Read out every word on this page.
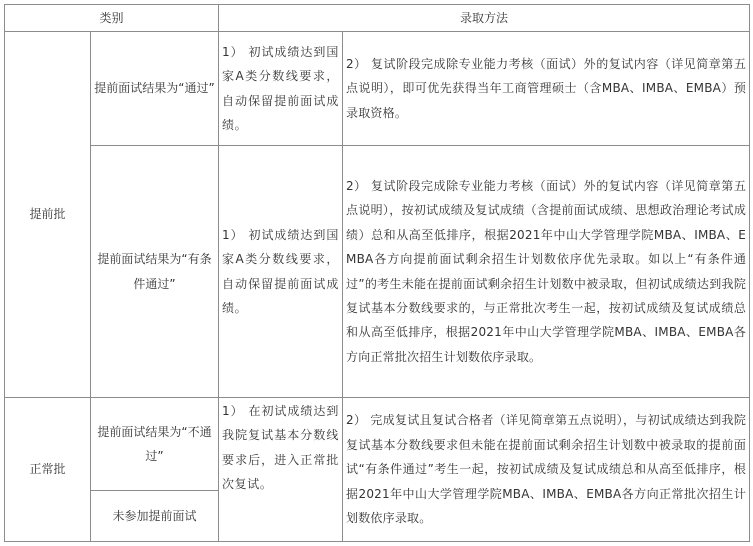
类别		录取方法	
提前批	提前面试结果为“通过”	1） 初试成绩达到国家A类分数线要求，自动保留提前面试成绩。	2） 复试阶段完成除专业能力考核（面试）外的复试内容（详见简章第五点说明），即可优先获得当年工商管理硕士（含MBA、IMBA、EMBA）预录取资格。
	提前面试结果为“有条件通过”	1） 初试成绩达到国家A类分数线要求，自动保留提前面试成绩。	2） 复试阶段完成除专业能力考核（面试）外的复试内容（详见简章第五点说明），按初试成绩及复试成绩（含提前面试成绩、思想政治理论考试成绩）总和从高至低排序，根据2021年中山大学管理学院MBA、IMBA、EMBA各方向提前面试剩余招生计划数依序优先录取。如以上“有条件通过”的考生未能在提前面试剩余招生计划数中被录取，但初试成绩达到我院复试基本分数线要求的，与正常批次考生一起，按初试成绩及复试成绩总和从高至低排序，根据2021年中山大学管理学院MBA、IMBA、EMBA各方向正常批次招生计划数依序录取。
正常批	提前面试结果为“不通过”	1） 在初试成绩达到我院复试基本分数线要求后，进入正常批次复试。	2） 完成复试且复试合格者（详见简章第五点说明），与初试成绩达到我院复试基本分数线要求但未能在提前面试剩余招生计划数中被录取的提前面试“有条件通过”考生一起，按初试成绩及复试成绩总和从高至低排序，根据2021年中山大学管理学院MBA、IMBA、EMBA各方向正常批次招生计划数依序录取。
	未参加提前面试		
